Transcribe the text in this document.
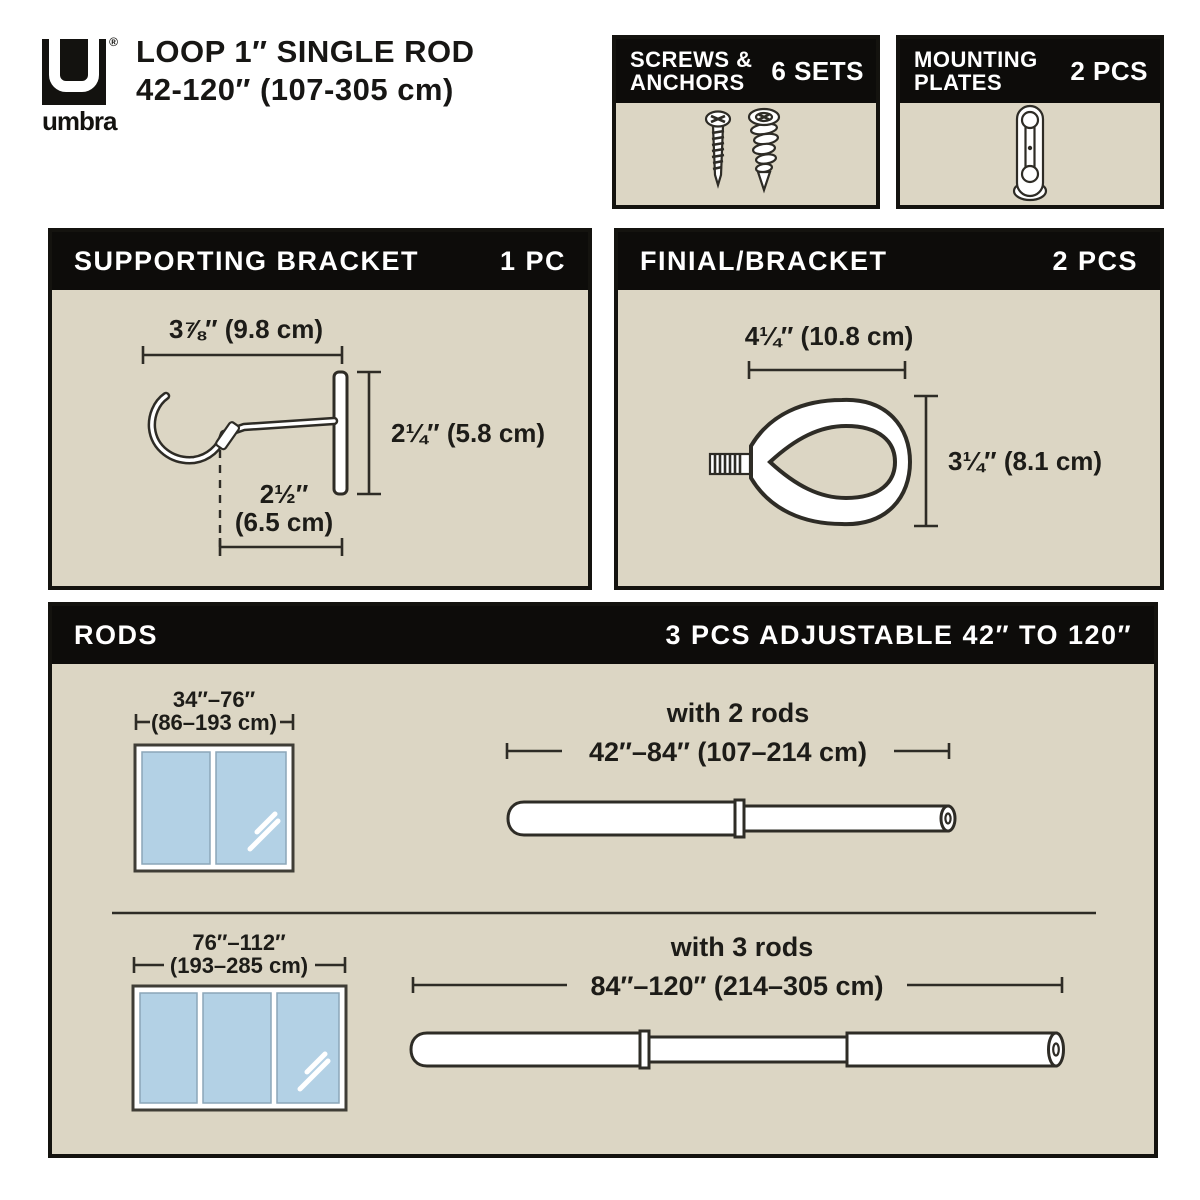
®
umbra
LOOP 1″ SINGLE ROD
42-120″ (107-305 cm)
SCREWS &
ANCHORS	6 SETS MOUNTING
PLATES	2 PCS
SUPPORTING BRACKET	1 PC
3⅞″ (9.8 cm)
2¼″ (5.8 cm)
2½″
(6.5 cm)
FINIAL/BRACKET	2 PCS
4¼″ (10.8 cm)
3¼″ (8.1 cm)
RODS	3 PCS ADJUSTABLE 42″ TO 120″
34″–76″
(86–193 cm)	with 2 rods
42″–84″ (107–214 cm)
76″–112″
(193–285 cm)
with 3 rods
84″–120″ (214–305 cm)
